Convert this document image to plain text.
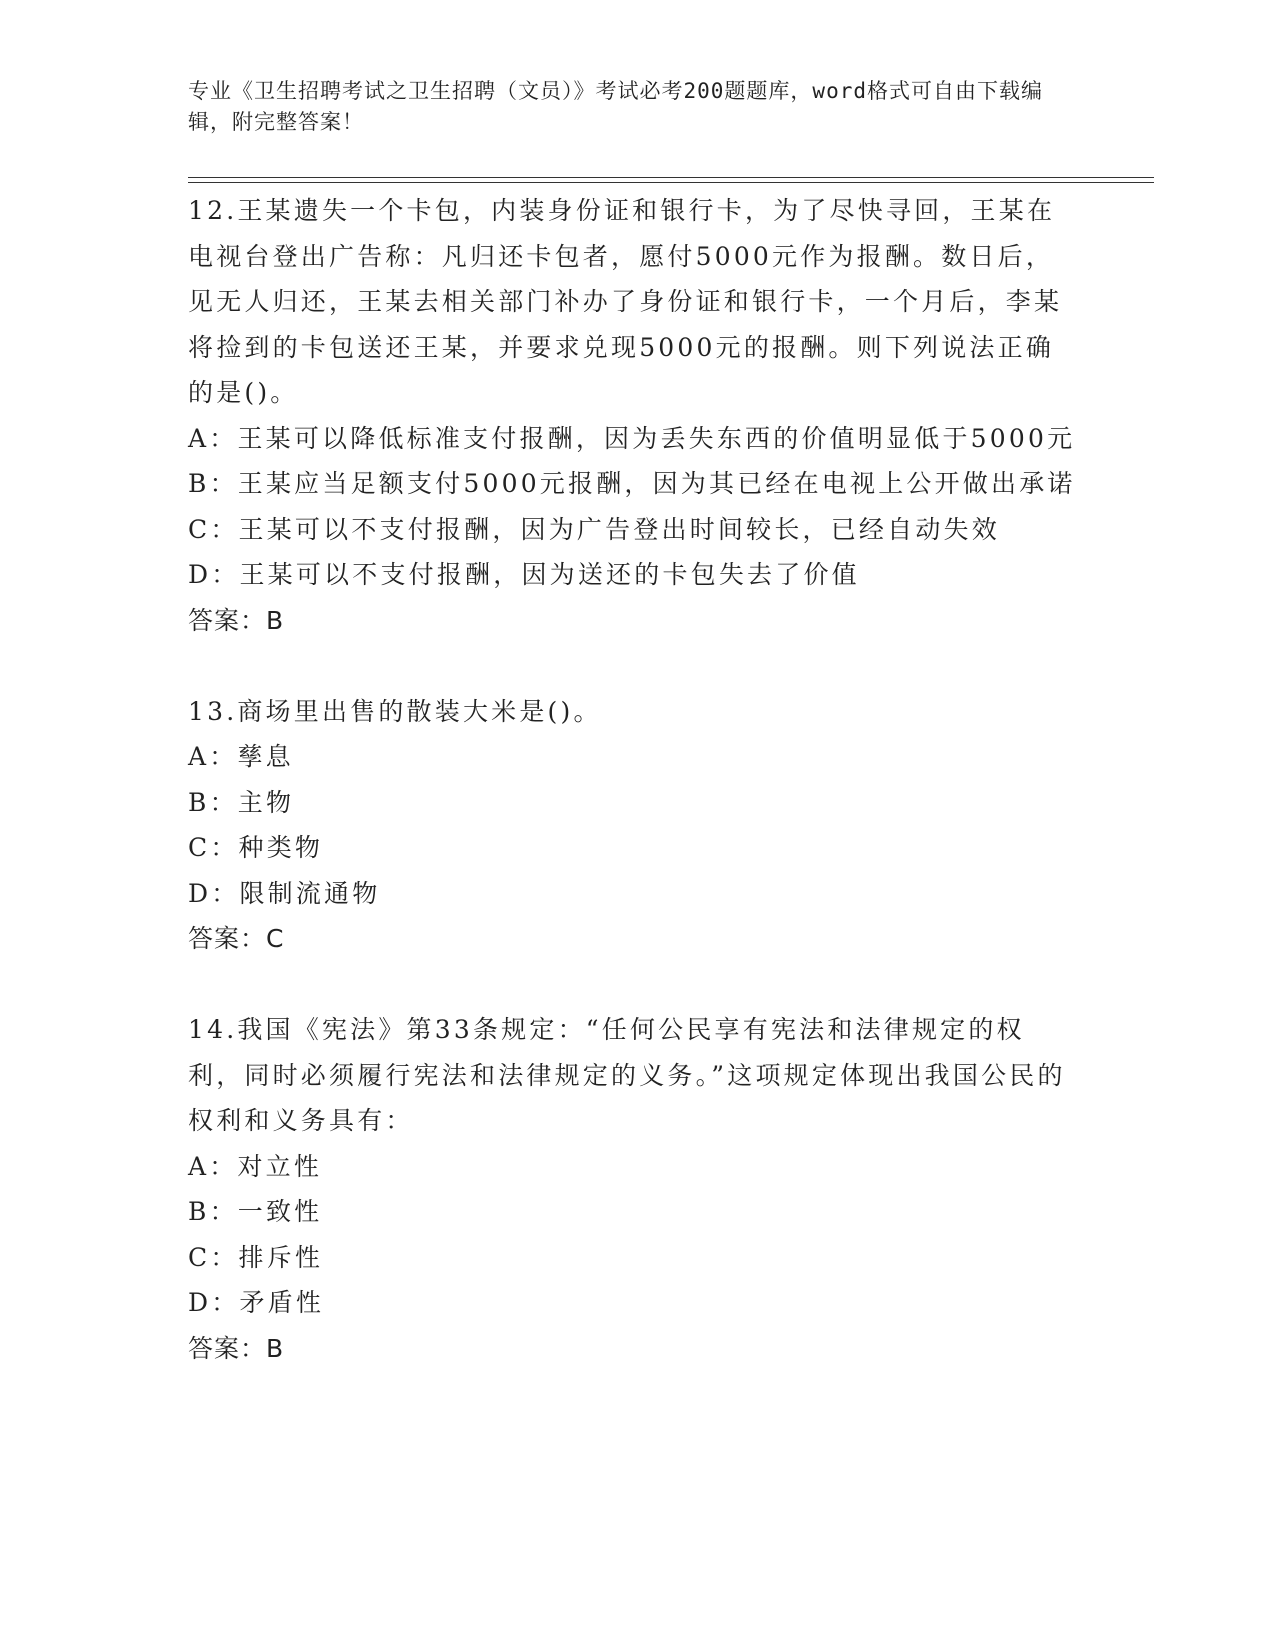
专业《卫生招聘考试之卫生招聘（文员）》考试必考200题题库，word格式可自由下载编辑，附完整答案！

12.王某遗失一个卡包，内装身份证和银行卡，为了尽快寻回，王某在电视台登出广告称：凡归还卡包者，愿付5000元作为报酬。数日后，见无人归还，王某去相关部门补办了身份证和银行卡，一个月后，李某将捡到的卡包送还王某，并要求兑现5000元的报酬。则下列说法正确的是()。

A：王某可以降低标准支付报酬，因为丢失东西的价值明显低于5000元

B：王某应当足额支付5000元报酬，因为其已经在电视上公开做出承诺

C：王某可以不支付报酬，因为广告登出时间较长，已经自动失效

D：王某可以不支付报酬，因为送还的卡包失去了价值

答案：B

13.商场里出售的散装大米是()。

A：孳息

B：主物

C：种类物

D：限制流通物

答案：C

14.我国《宪法》第33条规定：“任何公民享有宪法和法律规定的权利，同时必须履行宪法和法律规定的义务。”这项规定体现出我国公民的权利和义务具有：

A：对立性

B：一致性

C：排斥性

D：矛盾性

答案：B
